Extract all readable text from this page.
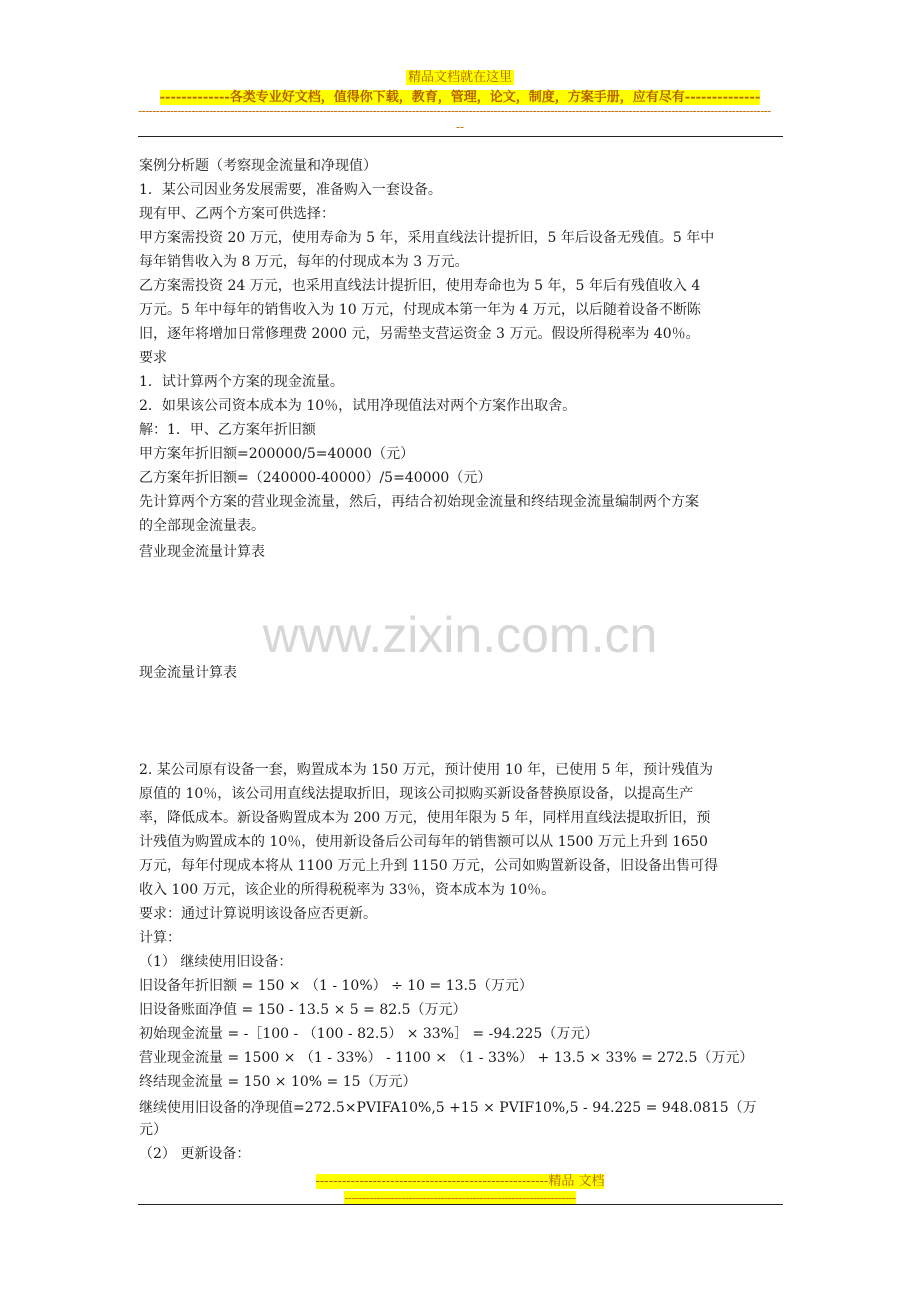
精品文档就在这里
-------------各类专业好文档，值得你下载，教育，管理，论文，制度，方案手册，应有尽有--------------
----------------------------------------------------------------------------------------------------------------------------------------------------------------------------------
--
案例分析题（考察现金流量和净现值）
1．某公司因业务发展需要，准备购入一套设备。
现有甲、乙两个方案可供选择：
甲方案需投资 20 万元，使用寿命为 5 年，采用直线法计提折旧，5 年后设备无残值。5 年中
每年销售收入为 8 万元，每年的付现成本为 3 万元。
乙方案需投资 24 万元，也采用直线法计提折旧，使用寿命也为 5 年，5 年后有残值收入 4
万元。5 年中每年的销售收入为 10 万元，付现成本第一年为 4 万元，以后随着设备不断陈
旧，逐年将增加日常修理费 2000 元，另需垫支营运资金 3 万元。假设所得税率为 40％。
要求
1．试计算两个方案的现金流量。
2．如果该公司资本成本为 10％，试用净现值法对两个方案作出取舍。
解：1．甲、乙方案年折旧额
甲方案年折旧额=200000/5=40000（元）
乙方案年折旧额=（240000-40000）/5=40000（元）
先计算两个方案的营业现金流量，然后，再结合初始现金流量和终结现金流量编制两个方案
的全部现金流量表。
营业现金流量计算表
www.zixin.com.cn
现金流量计算表
2. 某公司原有设备一套，购置成本为 150 万元，预计使用 10 年，已使用 5 年，预计残值为
原值的 10％，该公司用直线法提取折旧，现该公司拟购买新设备替换原设备，以提高生产
率，降低成本。新设备购置成本为 200 万元，使用年限为 5 年，同样用直线法提取折旧，预
计残值为购置成本的 10％，使用新设备后公司每年的销售额可以从 1500 万元上升到 1650
万元，每年付现成本将从 1100 万元上升到 1150 万元，公司如购置新设备，旧设备出售可得
收入 100 万元，该企业的所得税税率为 33％，资本成本为 10％。
要求：通过计算说明该设备应否更新。
计算：
（1） 继续使用旧设备：
旧设备年折旧额 = 150 × （1 - 10%） ÷ 10 = 13.5（万元）
旧设备账面净值 = 150 - 13.5 × 5 = 82.5（万元）
初始现金流量 = -［100 - （100 - 82.5） × 33%］ = -94.225（万元）
营业现金流量 = 1500 × （1 - 33%） - 1100 × （1 - 33%） + 13.5 × 33% = 272.5（万元）
终结现金流量 = 150 × 10% = 15（万元）
继续使用旧设备的净现值=272.5×PVIFA10%,5 +15 × PVIF10%,5 - 94.225 = 948.0815（万
元）
（2） 更新设备：
-----------------------------------------------------精品 文档
-----------------------------------------------------------------
